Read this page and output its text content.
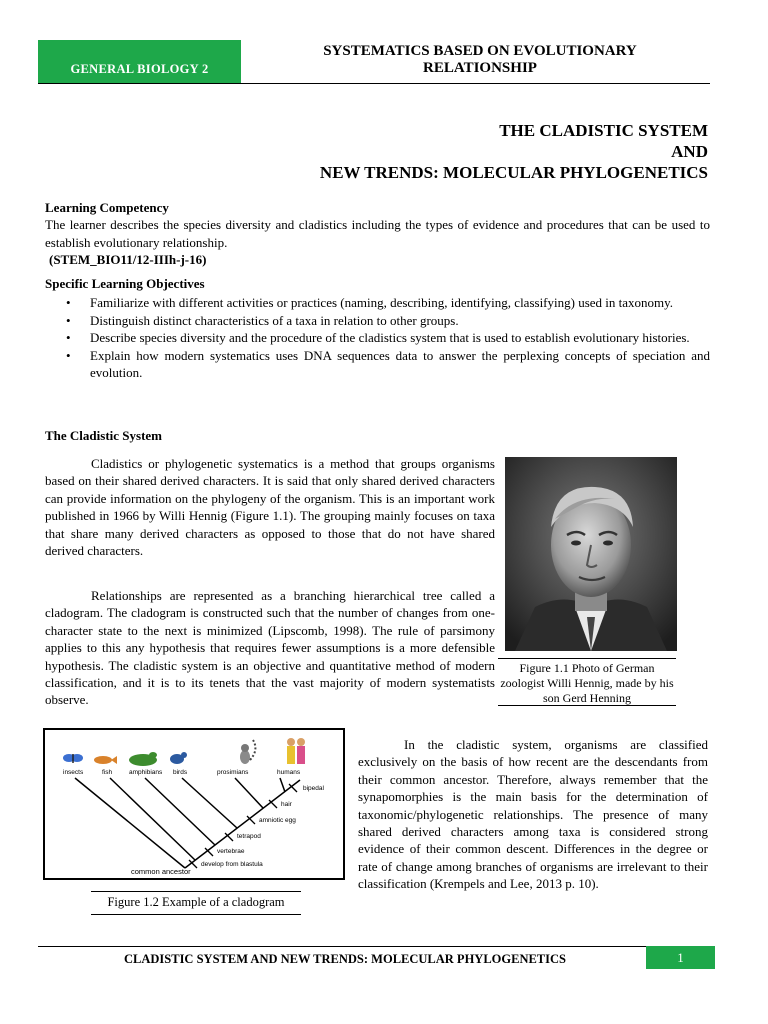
GENERAL BIOLOGY 2
SYSTEMATICS BASED ON EVOLUTIONARY
RELATIONSHIP
THE CLADISTIC SYSTEM
AND
NEW TRENDS: MOLECULAR PHYLOGENETICS
Learning Competency
The learner describes the species diversity and cladistics including the types of evidence and procedures that can be used to establish evolutionary relationship.
(STEM_BIO11/12-IIIh-j-16)
Specific Learning Objectives
• Familiarize with different activities or practices (naming, describing, identifying, classifying) used in taxonomy.
• Distinguish distinct characteristics of a taxa in relation to other groups.
• Describe species diversity and the procedure of the cladistics system that is used to establish evolutionary histories.
• Explain how modern systematics uses DNA sequences data to answer the perplexing concepts of speciation and evolution.
The Cladistic System
Cladistics or phylogenetic systematics is a method that groups organisms based on their shared derived characters. It is said that only shared derived characters can provide information on the phylogeny of the organism. This is an important work published in 1966 by Willi Hennig (Figure 1.1). The grouping mainly focuses on taxa that share many derived characters as opposed to those that do not have shared derived characters.
Relationships are represented as a branching hierarchical tree called a cladogram. The cladogram is constructed such that the number of changes from one-character state to the next is minimized (Lipscomb, 1998). The rule of parsimony applies to this any hypothesis that requires fewer assumptions is a more defensible hypothesis. The cladistic system is an objective and quantitative method of modern classification, and it is to its tenets that the vast majority of modern systematists observe.
In the cladistic system, organisms are classified exclusively on the basis of how recent are the descendants from their common ancestor. Therefore, always remember that the synapomorphies is the main basis for the determination of taxonomic/phylogenetic relationships. The presence of many shared derived characters among taxa is considered strong evidence of their common descent. Differences in the degree or rate of change among branches of organisms are irrelevant to their classification (Krempels and Lee, 2013 p. 10).
Figure 1.1 Photo of German zoologist Willi Hennig, made by his son Gerd Henning
insects	fish	amphibians birds	prosimians	humans
bipedal
hair
amniotic egg
tetrapod
vertebrae
develop from blastula
common ancestor
Figure 1.2 Example of a cladogram
CLADISTIC SYSTEM AND NEW TRENDS: MOLECULAR PHYLOGENETICS	1
